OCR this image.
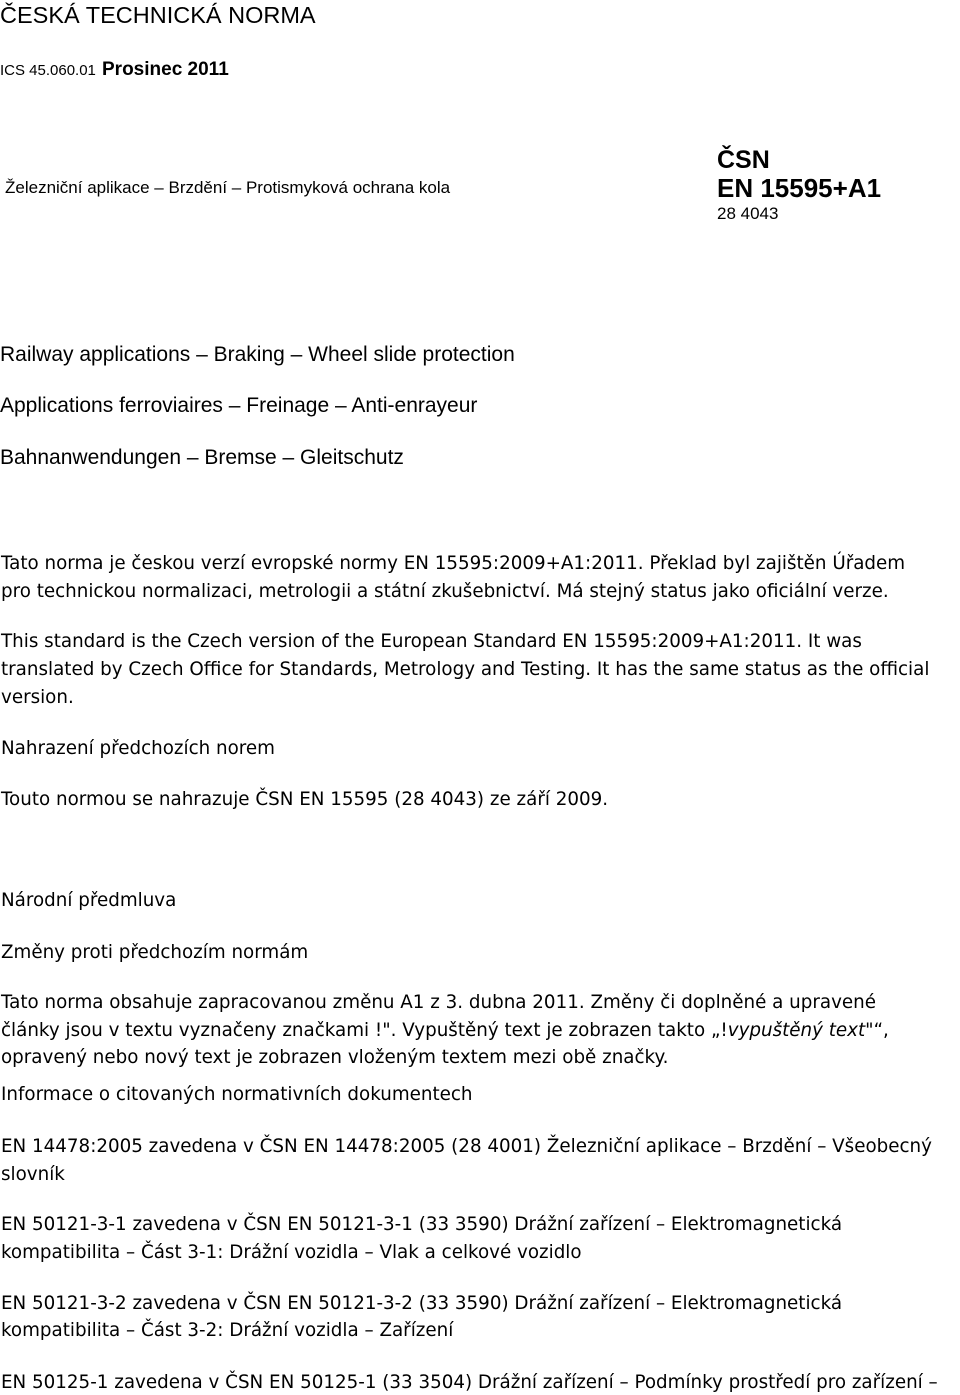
ČESKÁ TECHNICKÁ NORMA
ICS 45.060.01 Prosinec 2011
Železniční aplikace – Brzdění – Protismyková ochrana kola
ČSN
EN 15595+A1
28 4043
Railway applications – Braking – Wheel slide protection
Applications ferroviaires – Freinage – Anti-enrayeur
Bahnanwendungen – Bremse – Gleitschutz
Tato norma je českou verzí evropské normy EN 15595:2009+A1:2011. Překlad byl zajištěn Úřadem
pro technickou normalizaci, metrologii a státní zkušebnictví. Má stejný status jako oficiální verze.
This standard is the Czech version of the European Standard EN 15595:2009+A1:2011. It was
translated by Czech Office for Standards, Metrology and Testing. It has the same status as the official
version.
Nahrazení předchozích norem
Touto normou se nahrazuje ČSN EN 15595 (28 4043) ze září 2009.
Národní předmluva
Změny proti předchozím normám
Tato norma obsahuje zapracovanou změnu A1 z 3. dubna 2011. Změny či doplněné a upravené
články jsou v textu vyznačeny značkami !". Vypuštěný text je zobrazen takto „!vypuštěný text"“,
opravený nebo nový text je zobrazen vloženým textem mezi obě značky.
Informace o citovaných normativních dokumentech
EN 14478:2005 zavedena v ČSN EN 14478:2005 (28 4001) Železniční aplikace – Brzdění – Všeobecný
slovník
EN 50121-3-1 zavedena v ČSN EN 50121-3-1 (33 3590) Drážní zařízení – Elektromagnetická
kompatibilita – Část 3-1: Drážní vozidla – Vlak a celkové vozidlo
EN 50121-3-2 zavedena v ČSN EN 50121-3-2 (33 3590) Drážní zařízení – Elektromagnetická
kompatibilita – Část 3-2: Drážní vozidla – Zařízení
EN 50125-1 zavedena v ČSN EN 50125-1 (33 3504) Drážní zařízení – Podmínky prostředí pro zařízení –
